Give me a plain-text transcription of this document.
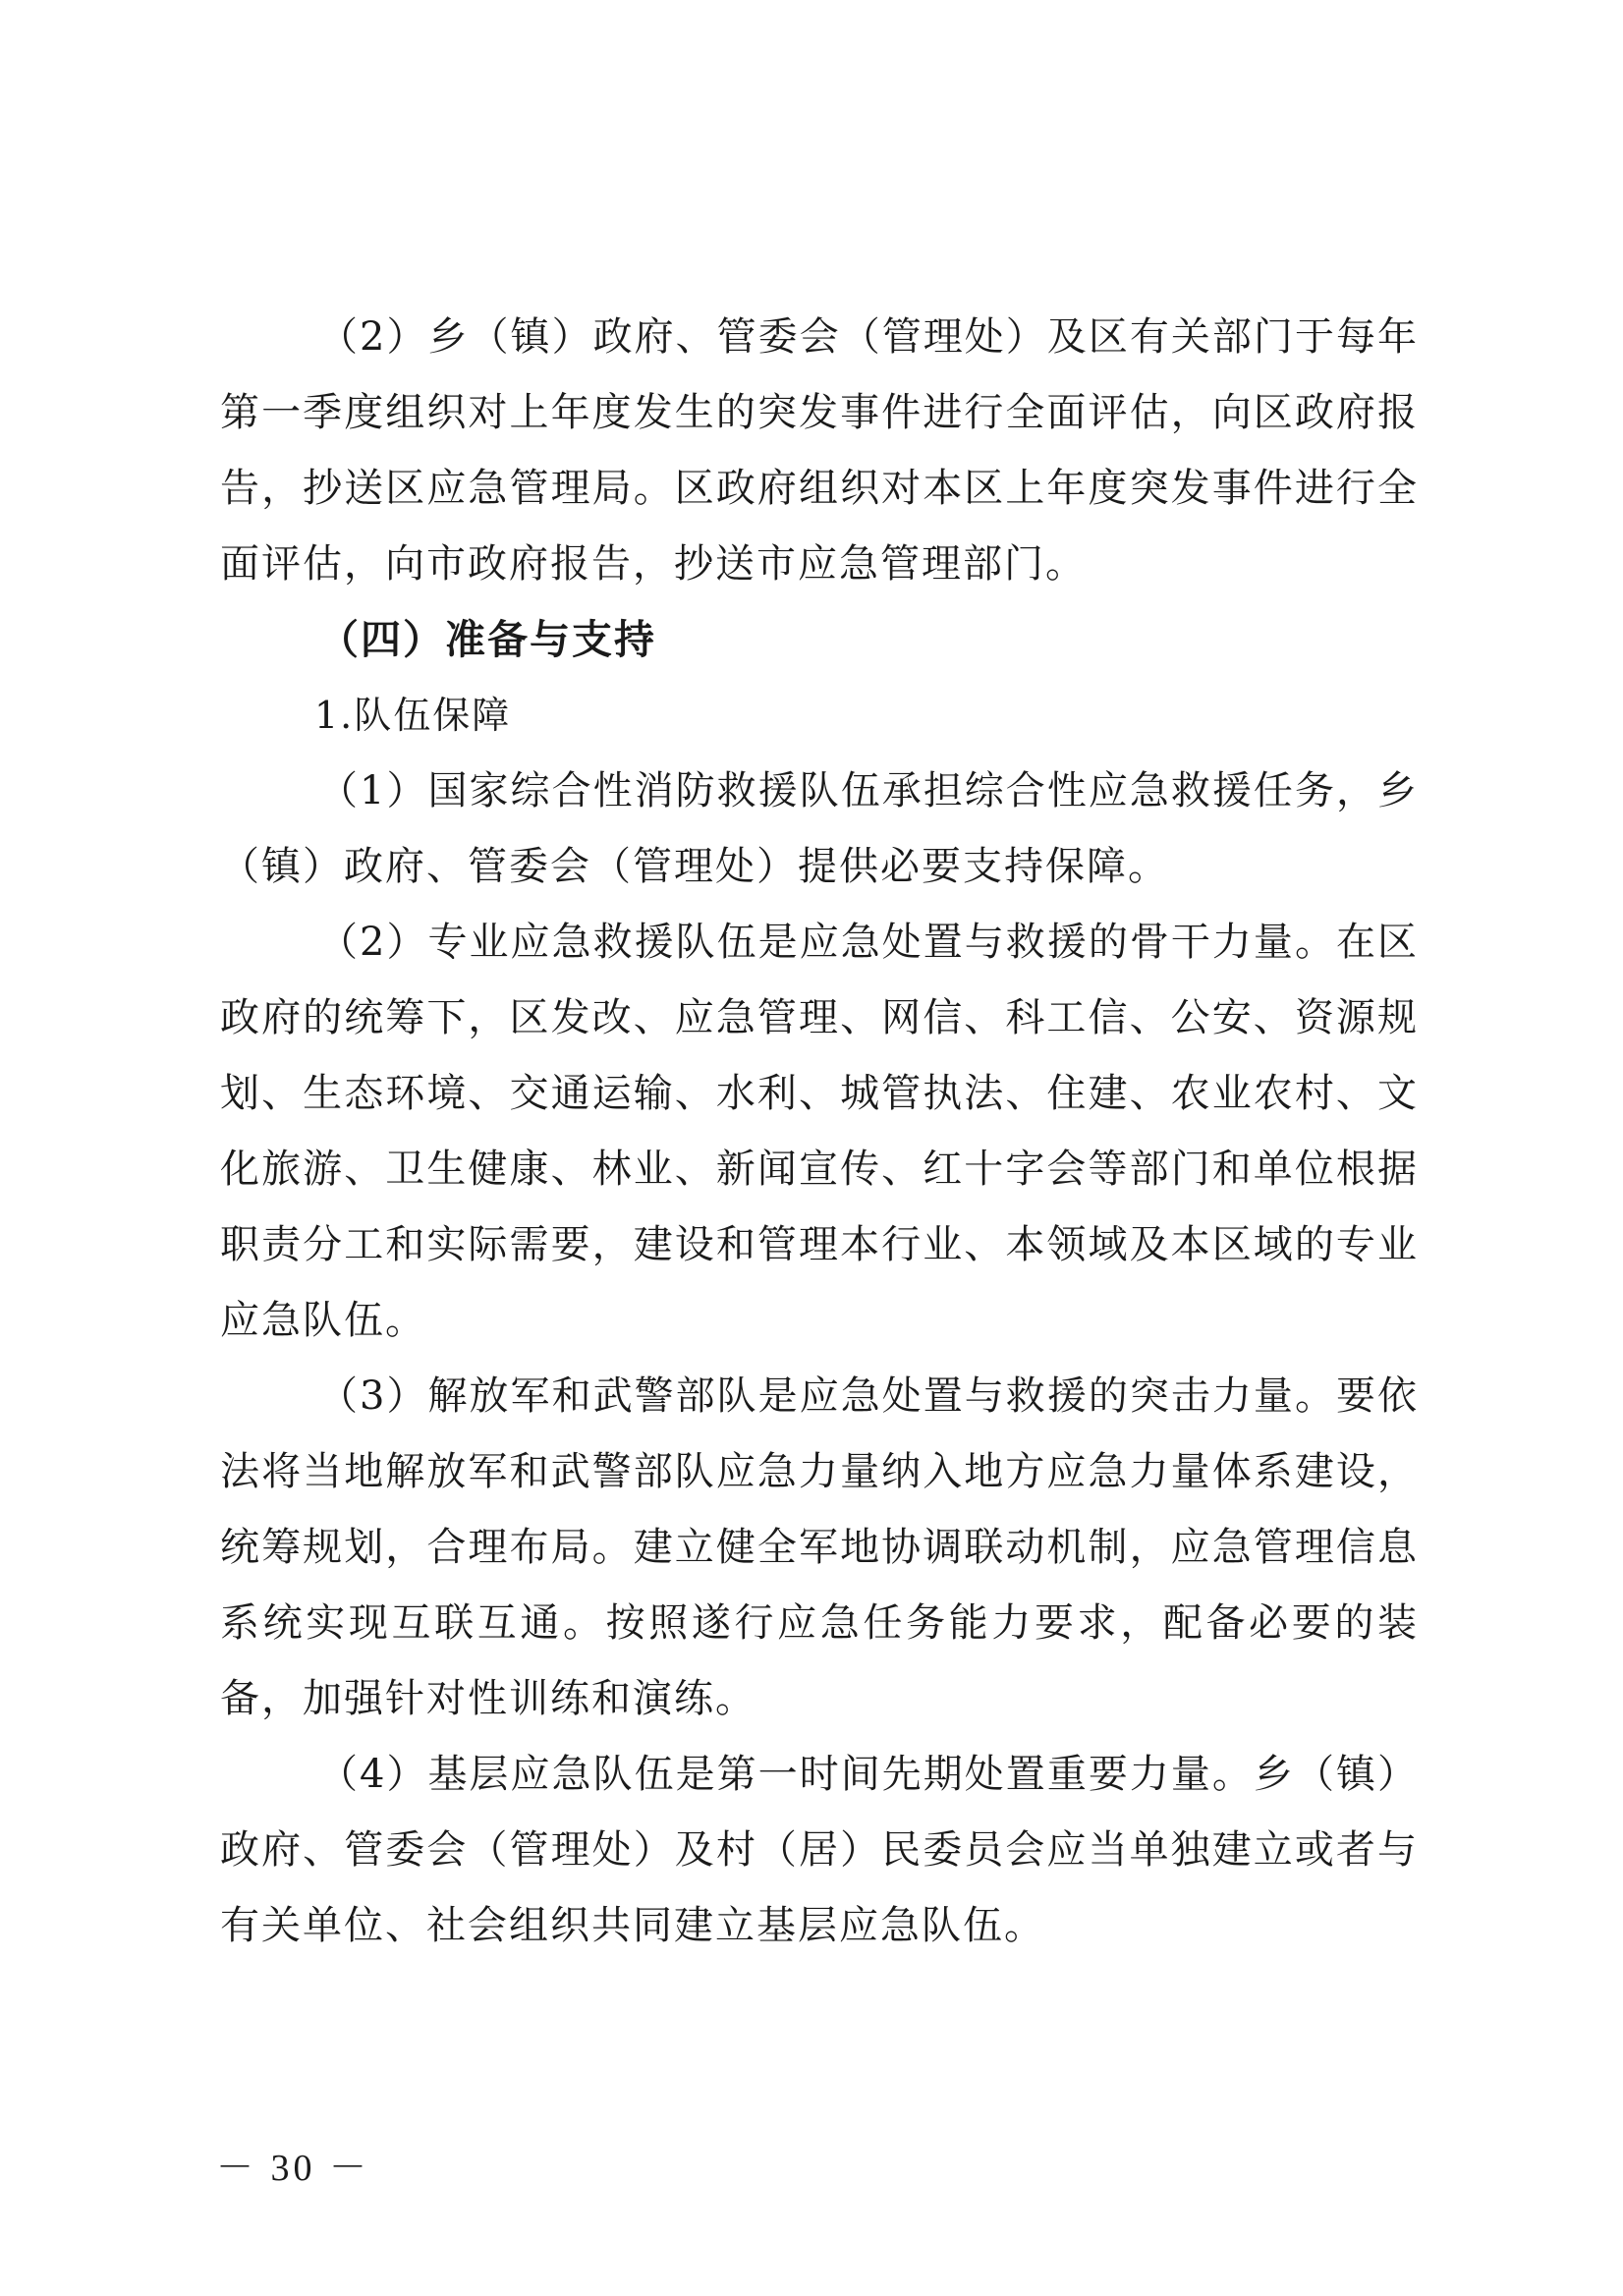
（2）乡（镇）政府、管委会（管理处）及区有关部门于每年第一季度组织对上年度发生的突发事件进行全面评估，向区政府报告，抄送区应急管理局。区政府组织对本区上年度突发事件进行全面评估，向市政府报告，抄送市应急管理部门。

（四）准备与支持

1.队伍保障

（1）国家综合性消防救援队伍承担综合性应急救援任务，乡（镇）政府、管委会（管理处）提供必要支持保障。

（2）专业应急救援队伍是应急处置与救援的骨干力量。在区政府的统筹下，区发改、应急管理、网信、科工信、公安、资源规划、生态环境、交通运输、水利、城管执法、住建、农业农村、文化旅游、卫生健康、林业、新闻宣传、红十字会等部门和单位根据职责分工和实际需要，建设和管理本行业、本领域及本区域的专业应急队伍。

（3）解放军和武警部队是应急处置与救援的突击力量。要依法将当地解放军和武警部队应急力量纳入地方应急力量体系建设，统筹规划，合理布局。建立健全军地协调联动机制，应急管理信息系统实现互联互通。按照遂行应急任务能力要求，配备必要的装备，加强针对性训练和演练。

（4）基层应急队伍是第一时间先期处置重要力量。乡（镇）政府、管委会（管理处）及村（居）民委员会应当单独建立或者与有关单位、社会组织共同建立基层应急队伍。

－ 30 －
